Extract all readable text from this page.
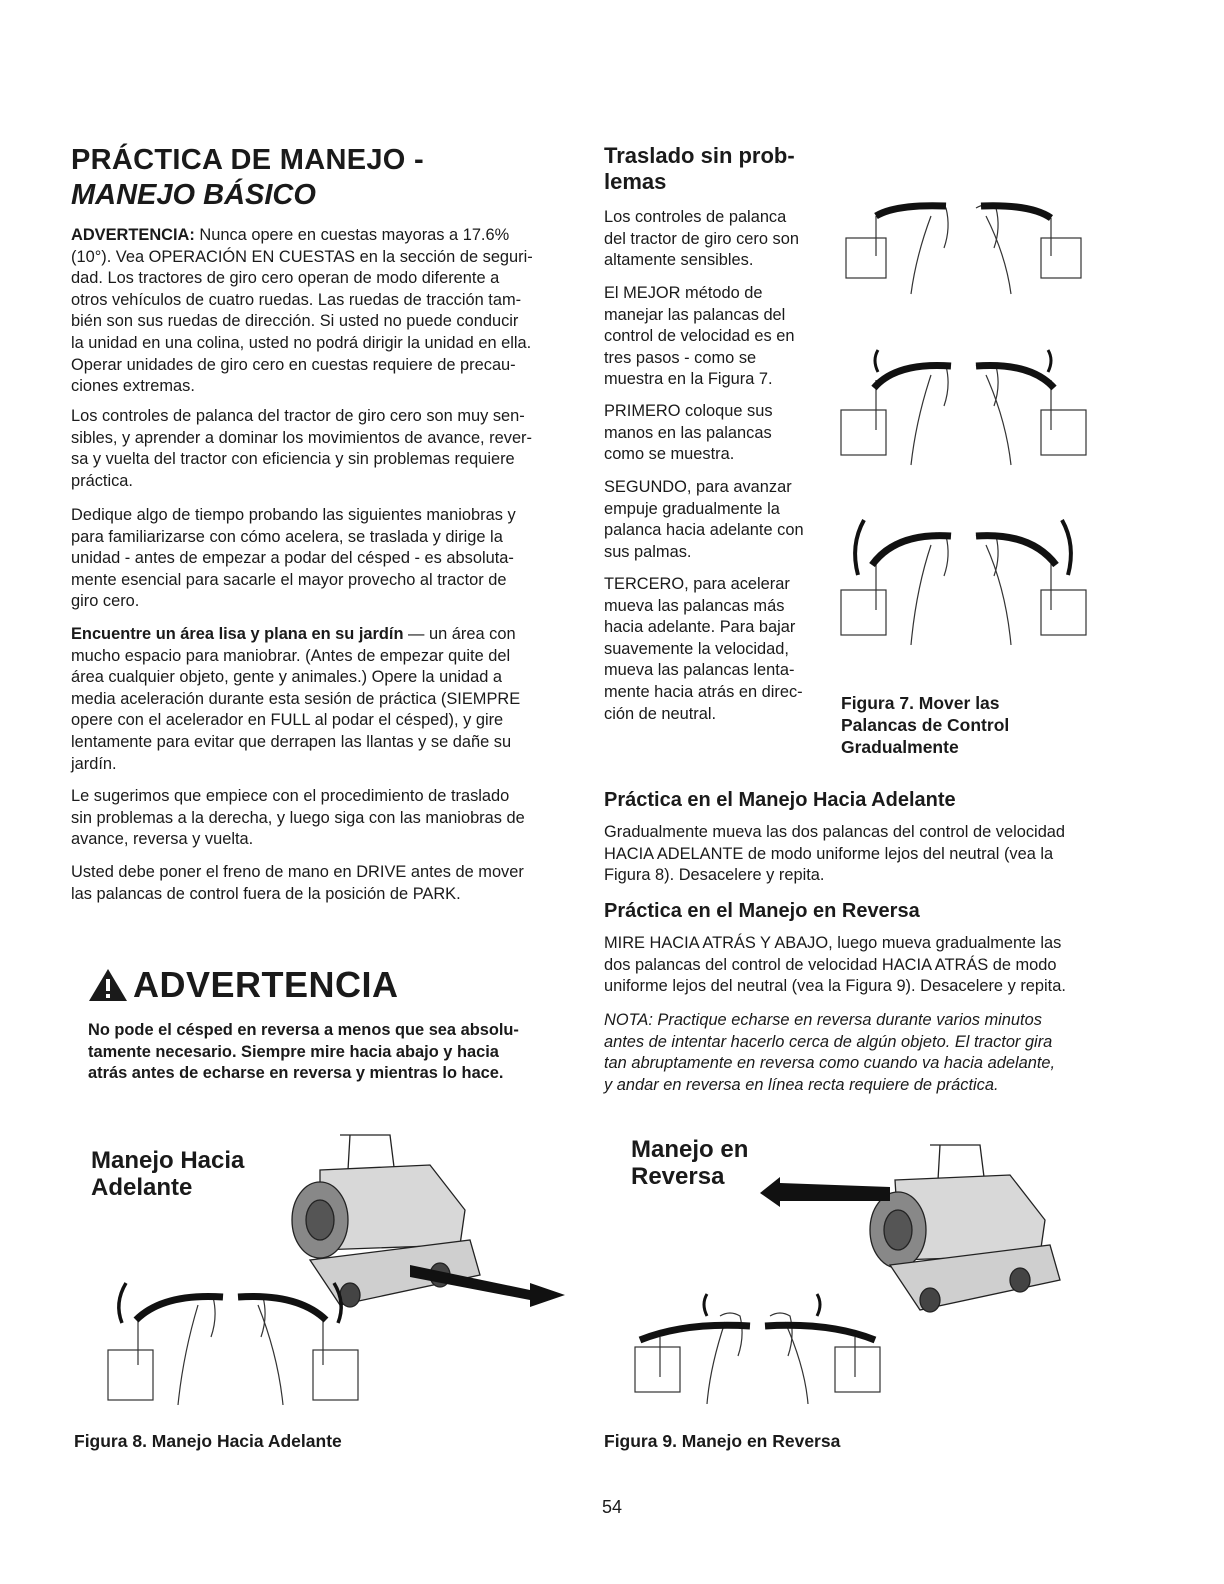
PRÁCTICA DE MANEJO -
MANEJO BÁSICO

ADVERTENCIA: Nunca opere en cuestas mayoras a 17.6%

(10°). Vea OPERACIÓN EN CUESTAS en la sección de seguri-

dad. Los tractores de giro cero operan de modo diferente a

otros vehículos de cuatro ruedas. Las ruedas de tracción tam-

bién son sus ruedas de dirección. Si usted no puede conducir

la unidad en una colina, usted no podrá dirigir la unidad en ella.

Operar unidades de giro cero en cuestas requiere de precau-

ciones extremas.

Los controles de palanca del tractor de giro cero son muy sen-

sibles, y aprender a dominar los movimientos de avance, rever-

sa y vuelta del tractor con eficiencia y sin problemas requiere

práctica.

Dedique algo de tiempo probando las siguientes maniobras y

para familiarizarse con cómo acelera, se traslada y dirige la

unidad - antes de empezar a podar del césped - es absoluta-

mente esencial para sacarle el mayor provecho al tractor de

giro cero.

Encuentre un área lisa y plana en su jardín — un área con

mucho espacio para maniobrar. (Antes de empezar quite del

área cualquier objeto, gente y animales.) Opere la unidad a

media aceleración durante esta sesión de práctica (SIEMPRE

opere con el acelerador en FULL al podar el césped), y gire

lentamente para evitar que derrapen las llantas y se dañe su

jardín.

Le sugerimos que empiece con el procedimiento de traslado

sin problemas a la derecha, y luego siga con las maniobras de

avance, reversa y vuelta.

Usted debe poner el freno de mano en DRIVE antes de mover

las palancas de control fuera de la posición de PARK.

ADVERTENCIA

No pode el césped en reversa a menos que sea absolu-

tamente necesario. Siempre mire hacia abajo y hacia

atrás antes de echarse en reversa y mientras lo hace.

Traslado sin prob-

lemas

Los controles de palanca

del tractor de giro cero son

altamente sensibles.

El MEJOR método de

manejar las palancas del

control de velocidad es en

tres pasos - como se

muestra en la Figura 7.

PRIMERO coloque sus

manos en las palancas

como se muestra.

SEGUNDO, para avanzar

empuje gradualmente la

palanca hacia adelante con

sus palmas.

TERCERO, para acelerar

mueva las palancas más

hacia adelante. Para bajar

suavemente la velocidad,

mueva las palancas lenta-

mente hacia atrás en direc-

ción de neutral.

Figura 7. Mover las

Palancas de Control

Gradualmente

Práctica en el Manejo Hacia Adelante

Gradualmente mueva las dos palancas del control de velocidad

HACIA ADELANTE de modo uniforme lejos del neutral (vea la

Figura 8). Desacelere y repita.

Práctica en el Manejo en Reversa

MIRE HACIA ATRÁS Y ABAJO, luego mueva gradualmente las

dos palancas del control de velocidad HACIA ATRÁS de modo

uniforme lejos del neutral (vea la Figura 9). Desacelere y repita.

NOTA: Practique echarse en reversa durante varios minutos

antes de intentar hacerlo cerca de algún objeto. El tractor gira

tan abruptamente en reversa como cuando va hacia adelante,

y andar en reversa en línea recta requiere de práctica.

Manejo Hacia

Adelante

Figura 8. Manejo Hacia Adelante

Manejo en

Reversa

Figura 9. Manejo en Reversa
54
